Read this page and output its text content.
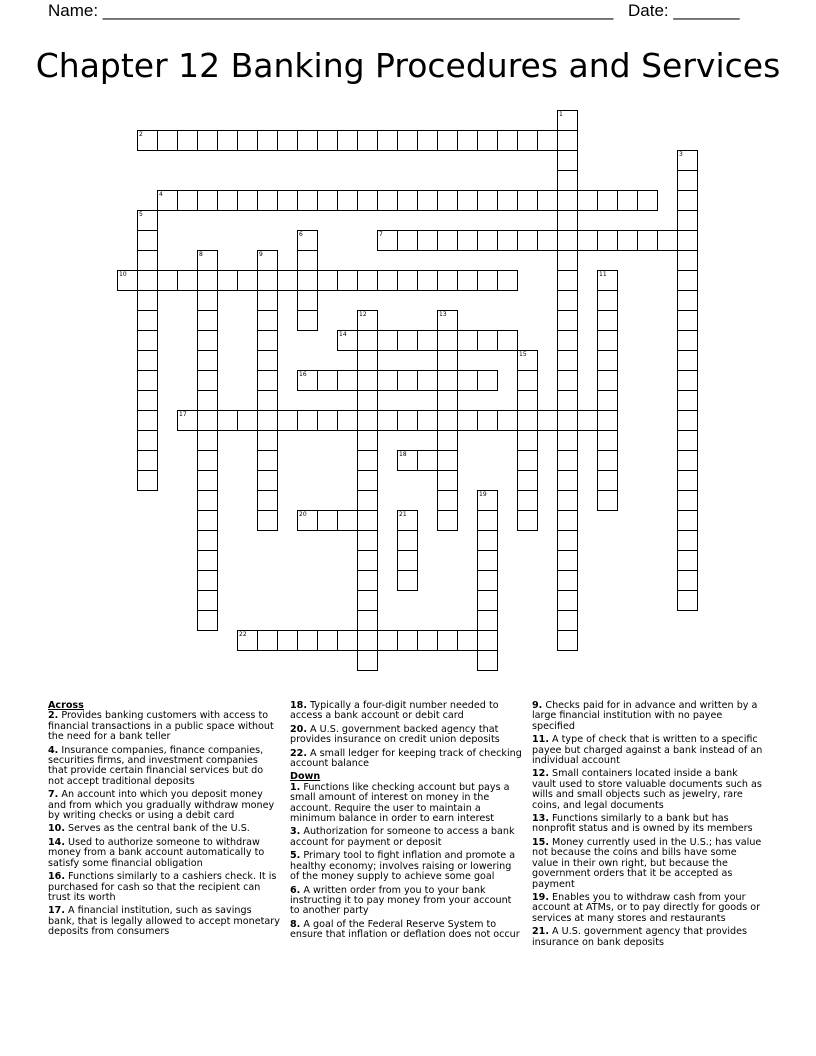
Name: ______________________________________________________ Date: _______
Chapter 12 Banking Procedures and Services
1
2
3
4
5
6	7
8	9
10	11
12	13
14
15
16
17
18
19
20	21
22

Across

2. Provides banking customers with access to financial transactions in a public space without the need for a bank teller

4. Insurance companies, finance companies, securities firms, and investment companies that provide certain financial services but do not accept traditional deposits

7. An account into which you deposit money and from which you gradually withdraw money by writing checks or using a debit card

10. Serves as the central bank of the U.S.

14. Used to authorize someone to withdraw money from a bank account automatically to satisfy some financial obligation

16. Functions similarly to a cashiers check. It is purchased for cash so that the recipient can trust its worth

17. A financial institution, such as savings bank, that is legally allowed to accept monetary deposits from consumers

18. Typically a four-digit number needed to access a bank account or debit card

20. A U.S. government backed agency that provides insurance on credit union deposits

22. A small ledger for keeping track of checking account balance

Down

1. Functions like checking account but pays a small amount of interest on money in the account. Require the user to maintain a minimum balance in order to earn interest

3. Authorization for someone to access a bank account for payment or deposit

5. Primary tool to fight inflation and promote a healthy economy; involves raising or lowering of the money supply to achieve some goal

6. A written order from you to your bank instructing it to pay money from your account to another party

8. A goal of the Federal Reserve System to ensure that inflation or deflation does not occur

9. Checks paid for in advance and written by a large financial institution with no payee specified

11. A type of check that is written to a specific payee but charged against a bank instead of an individual account

12. Small containers located inside a bank vault used to store valuable documents such as wills and small objects such as jewelry, rare coins, and legal documents

13. Functions similarly to a bank but has nonprofit status and is owned by its members

15. Money currently used in the U.S.; has value not because the coins and bills have some value in their own right, but because the government orders that it be accepted as payment

19. Enables you to withdraw cash from your account at ATMs, or to pay directly for goods or services at many stores and restaurants

21. A U.S. government agency that provides insurance on bank deposits
